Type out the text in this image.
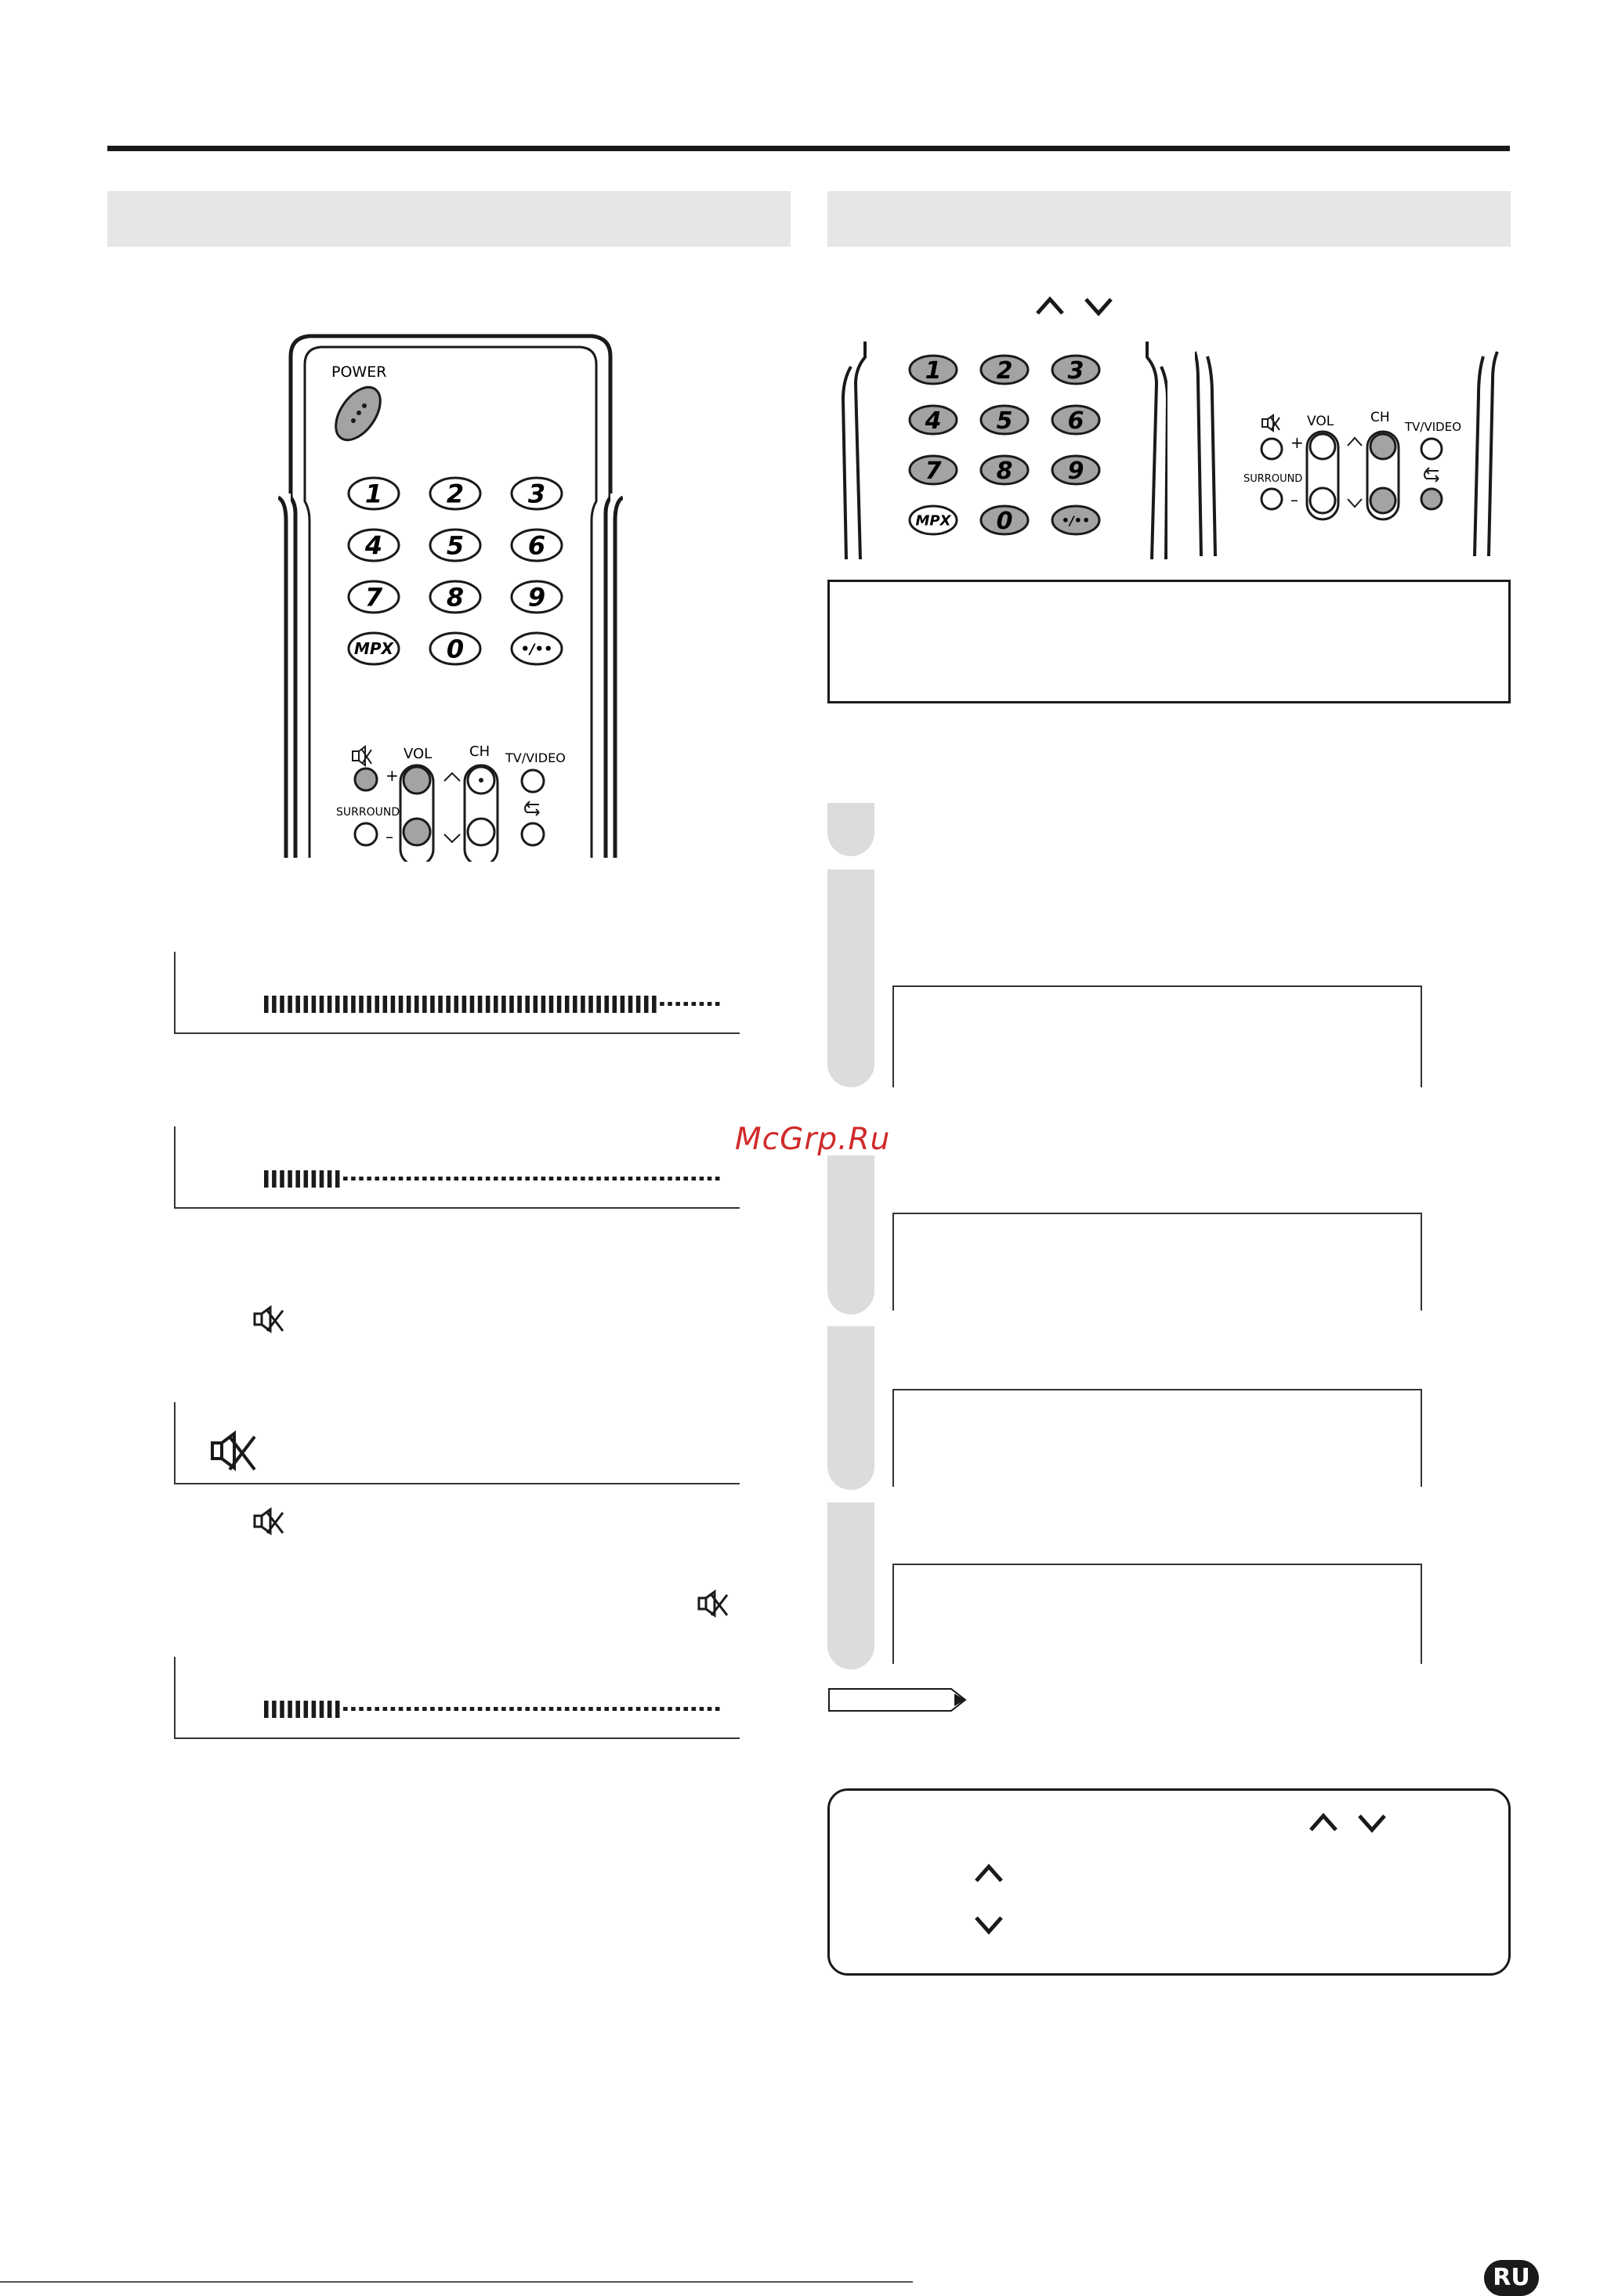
POWER
1	2	3
4	5	6
7	8	9
MPX 0	•/••
VOL
+
–
CH TV/VIDEO
SURROUND
1 2 3
4 5 6
7 8 9
MPX 0	•/••
VOL
+
–
CH
TV/VIDEO
SURROUND
McGrp.Ru
RU
